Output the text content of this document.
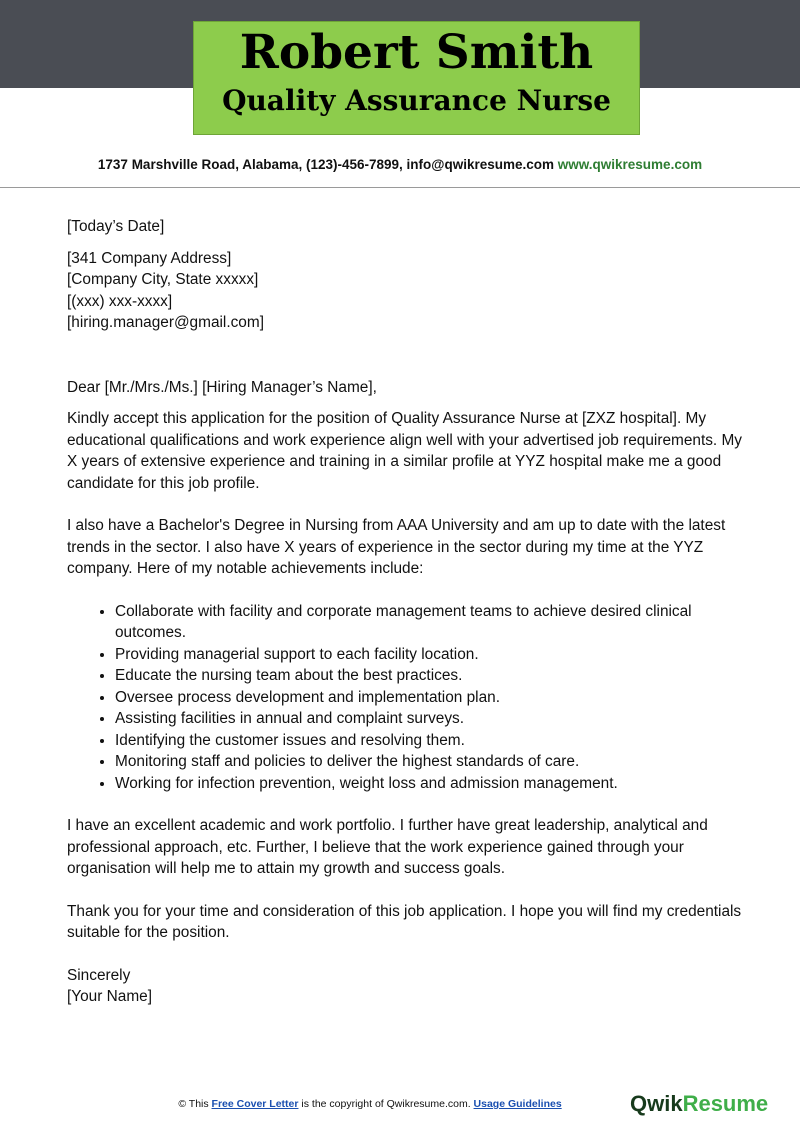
Robert Smith
Quality Assurance Nurse
1737 Marshville Road, Alabama, (123)-456-7899, info@qwikresume.com www.qwikresume.com

[Today’s Date]

[341 Company Address]

[Company City, State xxxxx]

[(xxx) xxx-xxxx]

[hiring.manager@gmail.com]

Dear [Mr./Mrs./Ms.] [Hiring Manager’s Name],

Kindly accept this application for the position of Quality Assurance Nurse at [ZXZ hospital]. My educational qualifications and work experience align well with your advertised job requirements. My X years of extensive experience and training in a similar profile at YYZ hospital make me a good candidate for this job profile.

I also have a Bachelor's Degree in Nursing from AAA University and am up to date with the latest trends in the sector. I also have X years of experience in the sector during my time at the YYZ company. Here of my notable achievements include:

• Collaborate with facility and corporate management teams to achieve desired clinical outcomes.
• Providing managerial support to each facility location.
• Educate the nursing team about the best practices.
• Oversee process development and implementation plan.
• Assisting facilities in annual and complaint surveys.
• Identifying the customer issues and resolving them.
• Monitoring staff and policies to deliver the highest standards of care.
• Working for infection prevention, weight loss and admission management.

I have an excellent academic and work portfolio. I further have great leadership, analytical and professional approach, etc. Further, I believe that the work experience gained through your organisation will help me to attain my growth and success goals.

Thank you for your time and consideration of this job application. I hope you will find my credentials suitable for the position.

Sincerely

[Your Name]

© This Free Cover Letter is the copyright of Qwikresume.com. Usage Guidelines	QwikResume
